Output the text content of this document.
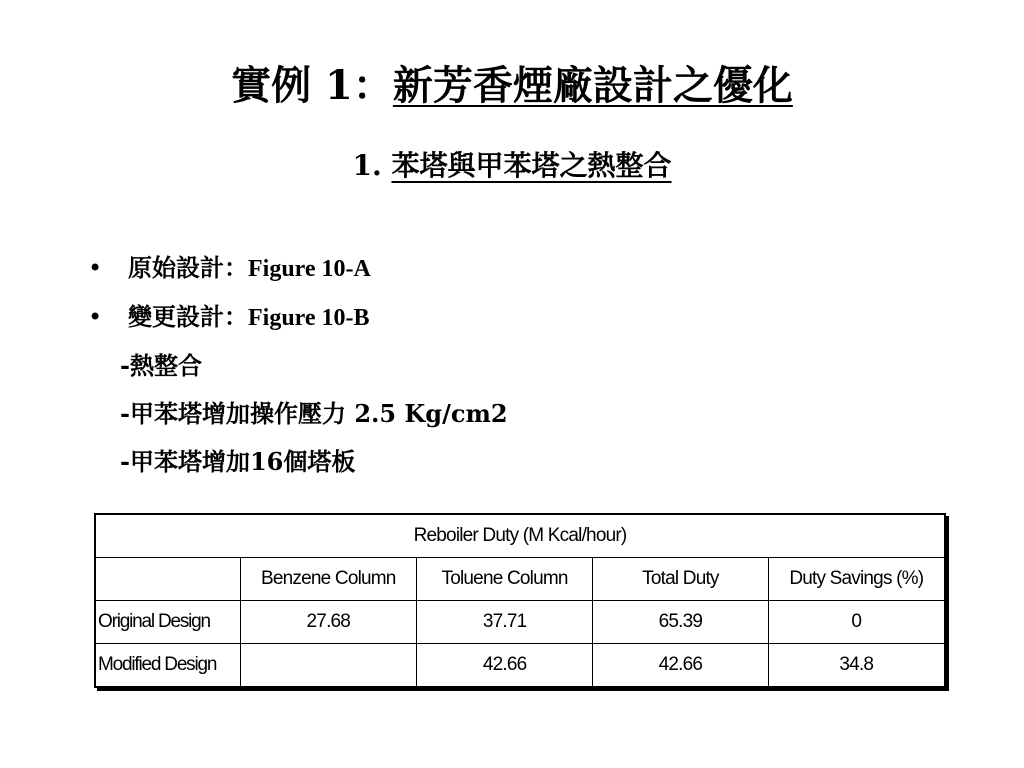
實例 1：新芳香煙廠設計之優化
1. 苯塔與甲苯塔之熱整合
• 原始設計：Figure 10-A
• 變更設計：Figure 10-B
-熱整合
-甲苯塔增加操作壓力 2.5 Kg/cm2
-甲苯塔增加16個塔板
Reboiler Duty (M Kcal/hour)				
	Benzene Column	Toluene Column	Total Duty	Duty Savings (%)
Original Design	27.68	37.71	65.39	0
Modified Design		42.66	42.66	34.8
